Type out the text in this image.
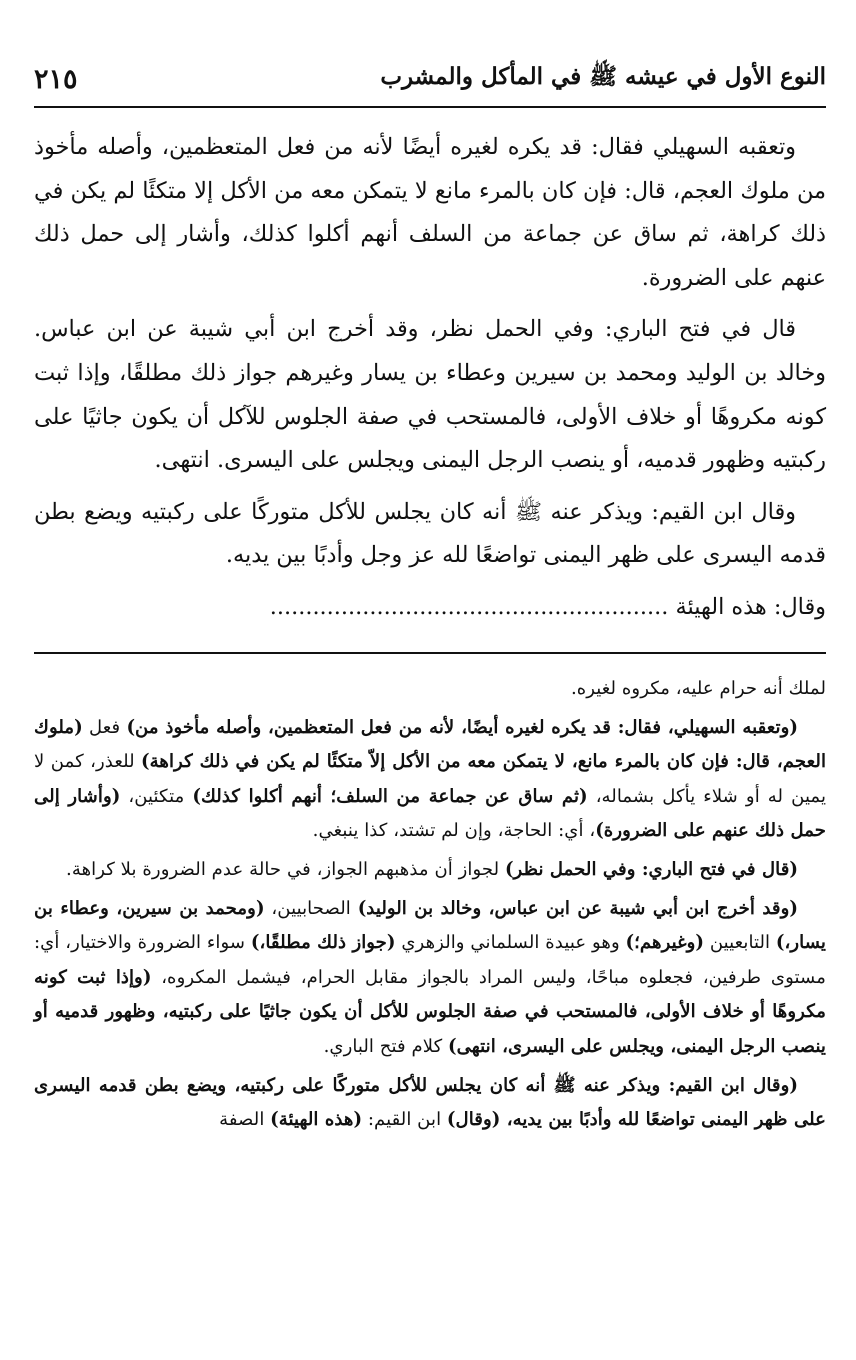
النوع الأول في عيشه ﷺ في المأكل والمشرب
٢١٥

وتعقبه السهيلي فقال: قد يكره لغيره أيضًا لأنه من فعل المتعظمين، وأصله مأخوذ من ملوك العجم، قال: فإن كان بالمرء مانع لا يتمكن معه من الأكل إلا متكئًا لم يكن في ذلك كراهة، ثم ساق عن جماعة من السلف أنهم أكلوا كذلك، وأشار إلى حمل ذلك عنهم على الضرورة.

قال في فتح الباري: وفي الحمل نظر، وقد أخرج ابن أبي شيبة عن ابن عباس. وخالد بن الوليد ومحمد بن سيرين وعطاء بن يسار وغيرهم جواز ذلك مطلقًا، وإذا ثبت كونه مكروهًا أو خلاف الأولى، فالمستحب في صفة الجلوس للآكل أن يكون جاثيًا على ركبتيه وظهور قدميه، أو ينصب الرجل اليمنى ويجلس على اليسرى. انتهى.

وقال ابن القيم: ويذكر عنه ﷺ أنه كان يجلس للأكل متوركًا على ركبتيه ويضع بطن قدمه اليسرى على ظهر اليمنى تواضعًا لله عز وجل وأدبًا بين يديه.

وقال: هذه الهيئة ........................................................

لملك أنه حرام عليه، مكروه لغيره.

(وتعقبه السهيلي، فقال: قد يكره لغيره أيضًا، لأنه من فعل المتعظمين، وأصله مأخوذ من) فعل (ملوك العجم، قال: فإن كان بالمرء مانع، لا يتمكن معه من الأكل إلاّ متكئًا لم يكن في ذلك كراهة) للعذر، كمن لا يمين له أو شلاء يأكل بشماله، (ثم ساق عن جماعة من السلف؛ أنهم أكلوا كذلك) متكئين، (وأشار إلى حمل ذلك عنهم على الضرورة)، أي: الحاجة، وإن لم تشتد، كذا ينبغي.

(قال في فتح الباري: وفي الحمل نظر) لجواز أن مذهبهم الجواز، في حالة عدم الضرورة بلا كراهة.

(وقد أخرج ابن أبي شيبة عن ابن عباس، وخالد بن الوليد) الصحابيين، (ومحمد بن سيرين، وعطاء بن يسار،) التابعيين (وغيرهم؛) وهو عبيدة السلماني والزهري (جواز ذلك مطلقًا،) سواء الضرورة والاختيار، أي: مستوى طرفين، فجعلوه مباحًا، وليس المراد بالجواز مقابل الحرام، فيشمل المكروه، (وإذا ثبت كونه مكروهًا أو خلاف الأولى، فالمستحب في صفة الجلوس للأكل أن يكون جاثيًا على ركبتيه، وظهور قدميه أو ينصب الرجل اليمنى، ويجلس على اليسرى، انتهى) كلام فتح الباري.

(وقال ابن القيم: ويذكر عنه ﷺ أنه كان يجلس للأكل متوركًا على ركبتيه، ويضع بطن قدمه اليسرى على ظهر اليمنى تواضعًا لله وأدبًا بين يديه، (وقال) ابن القيم: (هذه الهيئة) الصفة
